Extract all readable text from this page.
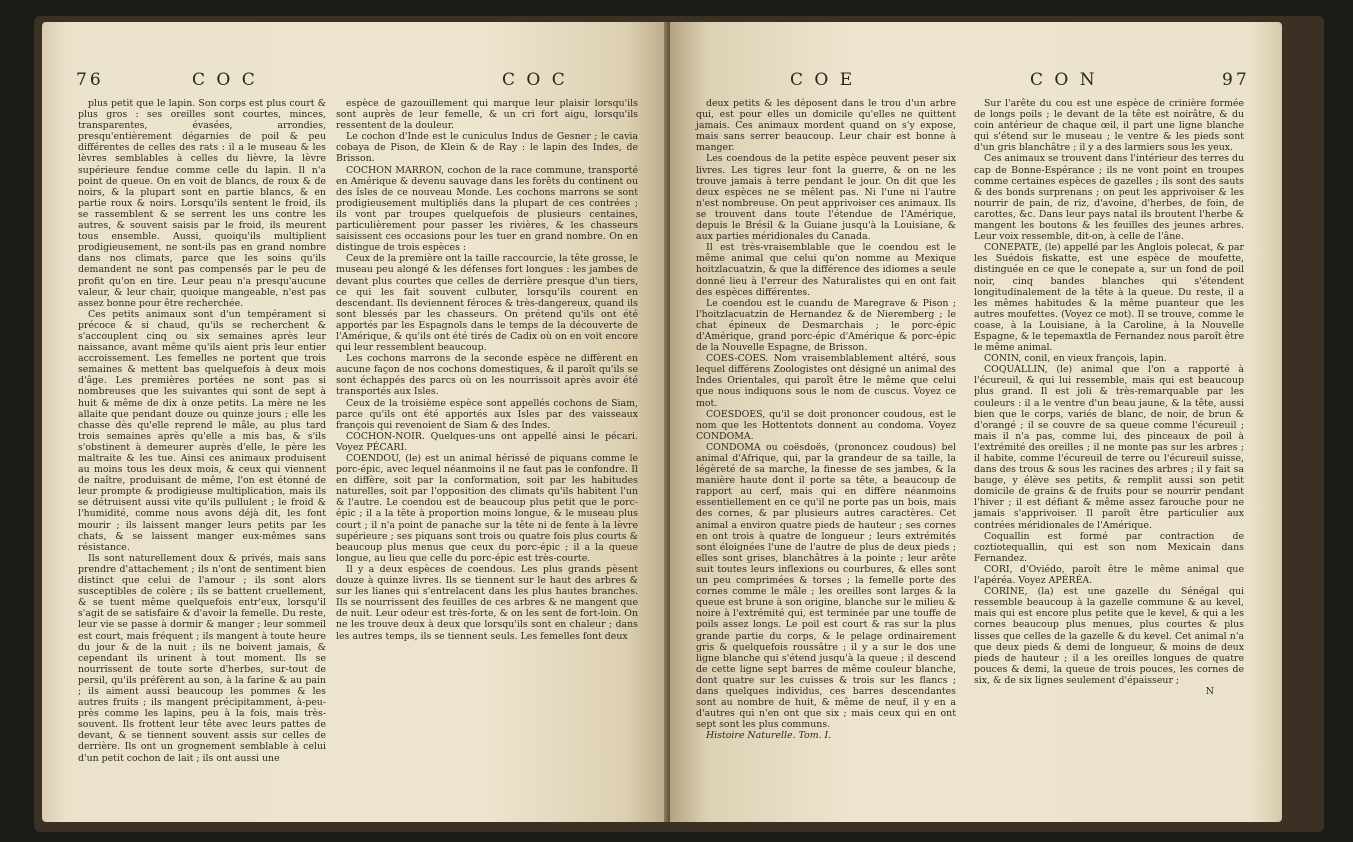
76	C O C	C O C

plus petit que le lapin. Son corps est plus court & plus gros : ses oreilles sont courtes, minces, transparentes, évasées, arrondies, presqu'entièrement dégarnies de poil & peu différentes de celles des rats : il a le museau & les lèvres semblables à celles du lièvre, la lèvre supérieure fendue comme celle du lapin. Il n'a point de queue. On en voit de blancs, de roux & de noirs, & la plupart sont en partie blancs, & en partie roux & noirs. Lorsqu'ils sentent le froid, ils se rassemblent & se serrent les uns contre les autres, & souvent saisis par le froid, ils meurent tous ensemble. Aussi, quoiqu'ils multiplient prodigieusement, ne sont-ils pas en grand nombre dans nos climats, parce que les soins qu'ils demandent ne sont pas compensés par le peu de profit qu'on en tire. Leur peau n'a presqu'aucune valeur, & leur chair, quoique mangeable, n'est pas assez bonne pour être recherchée.

Ces petits animaux sont d'un tempérament si précoce & si chaud, qu'ils se recherchent & s'accouplent cinq ou six semaines après leur naissance, avant même qu'ils aient pris leur entier accroissement. Les femelles ne portent que trois semaines & mettent bas quelquefois à deux mois d'âge. Les premières portées ne sont pas si nombreuses que les suivantes qui sont de sept à huit & même de dix à onze petits. La mère ne les allaite que pendant douze ou quinze jours ; elle les chasse dès qu'elle reprend le mâle, au plus tard trois semaines après qu'elle a mis bas, & s'ils s'obstinent à demeurer auprès d'elle, le père les maltraite & les tue. Ainsi ces animaux produisent au moins tous les deux mois, & ceux qui viennent de naître, produisant de même, l'on est étonné de leur prompte & prodigieuse multiplication, mais ils se détruisent aussi vite qu'ils pullulent ; le froid & l'humidité, comme nous avons déjà dit, les font mourir ; ils laissent manger leurs petits par les chats, & se laissent manger eux-mêmes sans résistance.

Ils sont naturellement doux & privés, mais sans prendre d'attachement ; ils n'ont de sentiment bien distinct que celui de l'amour ; ils sont alors susceptibles de colère ; ils se battent cruellement, & se tuent même quelquefois entr'eux, lorsqu'il s'agit de se satisfaire & d'avoir la femelle. Du reste, leur vie se passe à dormir & manger ; leur sommeil est court, mais fréquent ; ils mangent à toute heure du jour & de la nuit ; ils ne boivent jamais, & cependant ils urinent à tout moment. Ils se nourrissent de toute sorte d'herbes, sur-tout de persil, qu'ils préfèrent au son, à la farine & au pain ; ils aiment aussi beaucoup les pommes & les autres fruits ; ils mangent précipitamment, à-peu-près comme les lapins, peu à la fois, mais très-souvent. Ils frottent leur tête avec leurs pattes de devant, & se tiennent souvent assis sur celles de derrière. Ils ont un grognement semblable à celui d'un petit cochon de lait ; ils ont aussi une

espèce de gazouillement qui marque leur plaisir lorsqu'ils sont auprès de leur femelle, & un cri fort aigu, lorsqu'ils ressentent de la douleur.

Le cochon d'Inde est le cuniculus Indus de Gesner ; le cavia cobaya de Pison, de Klein & de Ray : le lapin des Indes, de Brisson.

COCHON MARRON, cochon de la race commune, transporté en Amérique & devenu sauvage dans les forêts du continent ou des îsles de ce nouveau Monde. Les cochons marrons se sont prodigieusement multipliés dans la plupart de ces contrées ; ils vont par troupes quelquefois de plusieurs centaines, particulièrement pour passer les rivières, & les chasseurs saisissent ces occasions pour les tuer en grand nombre. On en distingue de trois espèces :

Ceux de la première ont la taille raccourcie, la tête grosse, le museau peu alongé & les défenses fort longues : les jambes de devant plus courtes que celles de derrière presque d'un tiers, ce qui les fait souvent culbuter, lorsqu'ils courent en descendant. Ils deviennent féroces & très-dangereux, quand ils sont blessés par les chasseurs. On prétend qu'ils ont été apportés par les Espagnols dans le temps de la découverte de l'Amérique, & qu'ils ont été tirés de Cadix où on en voit encore qui leur ressemblent beaucoup.

Les cochons marrons de la seconde espèce ne diffèrent en aucune façon de nos cochons domestiques, & il paroît qu'ils se sont échappés des parcs où on les nourrissoit après avoir été transportés aux Isles.

Ceux de la troisième espèce sont appellés cochons de Siam, parce qu'ils ont été apportés aux Isles par des vaisseaux françois qui revenoient de Siam & des Indes.

COCHON-NOIR. Quelques-uns ont appellé ainsi le pécari. Voyez PÉCARI.

COENDOU, (le) est un animal hérissé de piquans comme le porc-épic, avec lequel néanmoins il ne faut pas le confondre. Il en diffère, soit par la conformation, soit par les habitudes naturelles, soit par l'opposition des climats qu'ils habitent l'un & l'autre. Le coendou est de beaucoup plus petit que le porc-épic ; il a la tête à proportion moins longue, & le museau plus court ; il n'a point de panache sur la tête ni de fente à la lèvre supérieure ; ses piquans sont trois ou quatre fois plus courts & beaucoup plus menus que ceux du porc-épic ; il a la queue longue, au lieu que celle du porc-épic est très-courte.

Il y a deux espèces de coendous. Les plus grands pèsent douze à quinze livres. Ils se tiennent sur le haut des arbres & sur les lianes qui s'entrelacent dans les plus hautes branches. Ils se nourrissent des feuilles de ces arbres & ne mangent que de nuit. Leur odeur est très-forte, & on les sent de fort-loin. On ne les trouve deux à deux que lorsqu'ils sont en chaleur ; dans les autres temps, ils se tiennent seuls. Les femelles font deux

C O E	C O N	97

deux petits & les déposent dans le trou d'un arbre qui, est pour elles un domicile qu'elles ne quittent jamais. Ces animaux mordent quand on s'y expose, mais sans serrer beaucoup. Leur chair est bonne à manger.

Les coendous de la petite espèce peuvent peser six livres. Les tigres leur font la guerre, & on ne les trouve jamais à terre pendant le jour. On dit que les deux espèces ne se mêlent pas. Ni l'une ni l'autre n'est nombreuse. On peut apprivoiser ces animaux. Ils se trouvent dans toute l'étendue de l'Amérique, depuis le Brésil & la Guiane jusqu'à la Louisiane, & aux parties méridionales du Canada.

Il est très-vraisemblable que le coendou est le même animal que celui qu'on nomme au Mexique hoitzlacuatzin, & que la différence des idiomes a seule donné lieu à l'erreur des Naturalistes qui en ont fait des espèces différentes.

Le coendou est le cuandu de Maregrave & Pison ; l'hoitzlacuatzin de Hernandez & de Nieremberg ; le chat épineux de Desmarchais ; le porc-épic d'Amérique, grand porc-épic d'Amérique & porc-épic de la Nouvelle Espagne, de Brisson.

COES-COES. Nom vraisemblablement altéré, sous lequel différens Zoologistes ont désigné un animal des Indes Orientales, qui paroît être le même que celui que nous indiquons sous le nom de cuscus. Voyez ce mot.

COESDOES, qu'il se doit prononcer coudous, est le nom que les Hottentots donnent au condoma. Voyez CONDOMA.

CONDOMA ou coësdoës, (prononcez coudous) bel animal d'Afrique, qui, par la grandeur de sa taille, la légèreté de sa marche, la finesse de ses jambes, & la manière haute dont il porte sa tête, a beaucoup de rapport au cerf, mais qui en diffère néanmoins essentiellement en ce qu'il ne porte pas un bois, mais des cornes, & par plusieurs autres caractères. Cet animal a environ quatre pieds de hauteur ; ses cornes en ont trois à quatre de longueur ; leurs extrémités sont éloignées l'une de l'autre de plus de deux pieds ; elles sont grises, blanchâtres à la pointe ; leur arête suit toutes leurs inflexions ou courbures, & elles sont un peu comprimées & torses ; la femelle porte des cornes comme le mâle ; les oreilles sont larges & la queue est brune à son origine, blanche sur le milieu & noire à l'extrémité qui, est terminée par une touffe de poils assez longs. Le poil est court & ras sur la plus grande partie du corps, & le pelage ordinairement gris & quelquefois roussâtre ; il y a sur le dos une ligne blanche qui s'étend jusqu'à la queue ; il descend de cette ligne sept barres de même couleur blanche, dont quatre sur les cuisses & trois sur les flancs ; dans quelques individus, ces barres descendantes sont au nombre de huit, & même de neuf, il y en a d'autres qui n'en ont que six ; mais ceux qui en ont sept sont les plus communs.

Histoire Naturelle. Tom. I.

Sur l'arête du cou est une espèce de crinière formée de longs poils ; le devant de la tête est noirâtre, & du coin antérieur de chaque œil, il part une ligne blanche qui s'étend sur le museau ; le ventre & les pieds sont d'un gris blanchâtre ; il y a des larmiers sous les yeux.

Ces animaux se trouvent dans l'intérieur des terres du cap de Bonne-Espérance ; ils ne vont point en troupes comme certaines espèces de gazelles ; ils sont des sauts & des bonds surprenans ; on peut les apprivoiser & les nourrir de pain, de riz, d'avoine, d'herbes, de foin, de carottes, &c. Dans leur pays natal ils broutent l'herbe & mangent les boutons & les feuilles des jeunes arbres. Leur voix ressemble, dit-on, à celle de l'âne.

CONEPATE, (le) appellé par les Anglois polecat, & par les Suédois fiskatte, est une espèce de moufette, distinguée en ce que le conepate a, sur un fond de poil noir, cinq bandes blanches qui s'étendent longitudinalement de la tête à la queue. Du reste, il a les mêmes habitudes & la même puanteur que les autres moufettes. (Voyez ce mot). Il se trouve, comme le coase, à la Louisiane, à la Caroline, à la Nouvelle Espagne, & le tepemaxtla de Fernandez nous paroît être le même animal.

CONIN, conil, en vieux françois, lapin.

COQUALLIN, (le) animal que l'on a rapporté à l'écureuil, & qui lui ressemble, mais qui est beaucoup plus grand. Il est joli & très-remarquable par les couleurs : il a le ventre d'un beau jaune, & la tête, aussi bien que le corps, variés de blanc, de noir, de brun & d'orangé ; il se couvre de sa queue comme l'écureuil ; mais il n'a pas, comme lui, des pinceaux de poil à l'extrémité des oreilles ; il ne monte pas sur les arbres ; il habite, comme l'écureuil de terre ou l'écureuil suisse, dans des trous & sous les racines des arbres ; il y fait sa bauge, y élève ses petits, & remplit aussi son petit domicile de grains & de fruits pour se nourrir pendant l'hiver ; il est défiant & même assez farouche pour ne jamais s'apprivoiser. Il paroît être particulier aux contrées méridionales de l'Amérique.

Coquallin est formé par contraction de coztiotequallin, qui est son nom Mexicain dans Fernandez.

CORI, d'Oviédo, paroît être le même animal que l'apéréa. Voyez APÉRÉA.

CORINE, (la) est une gazelle du Sénégal qui ressemble beaucoup à la gazelle commune & au kevel, mais qui est encore plus petite que le kevel, & qui a les cornes beaucoup plus menues, plus courtes & plus lisses que celles de la gazelle & du kevel. Cet animal n'a que deux pieds & demi de longueur, & moins de deux pieds de hauteur ; il a les oreilles longues de quatre pouces & demi, la queue de trois pouces, les cornes de six, & de six lignes seulement d'épaisseur ;

N
